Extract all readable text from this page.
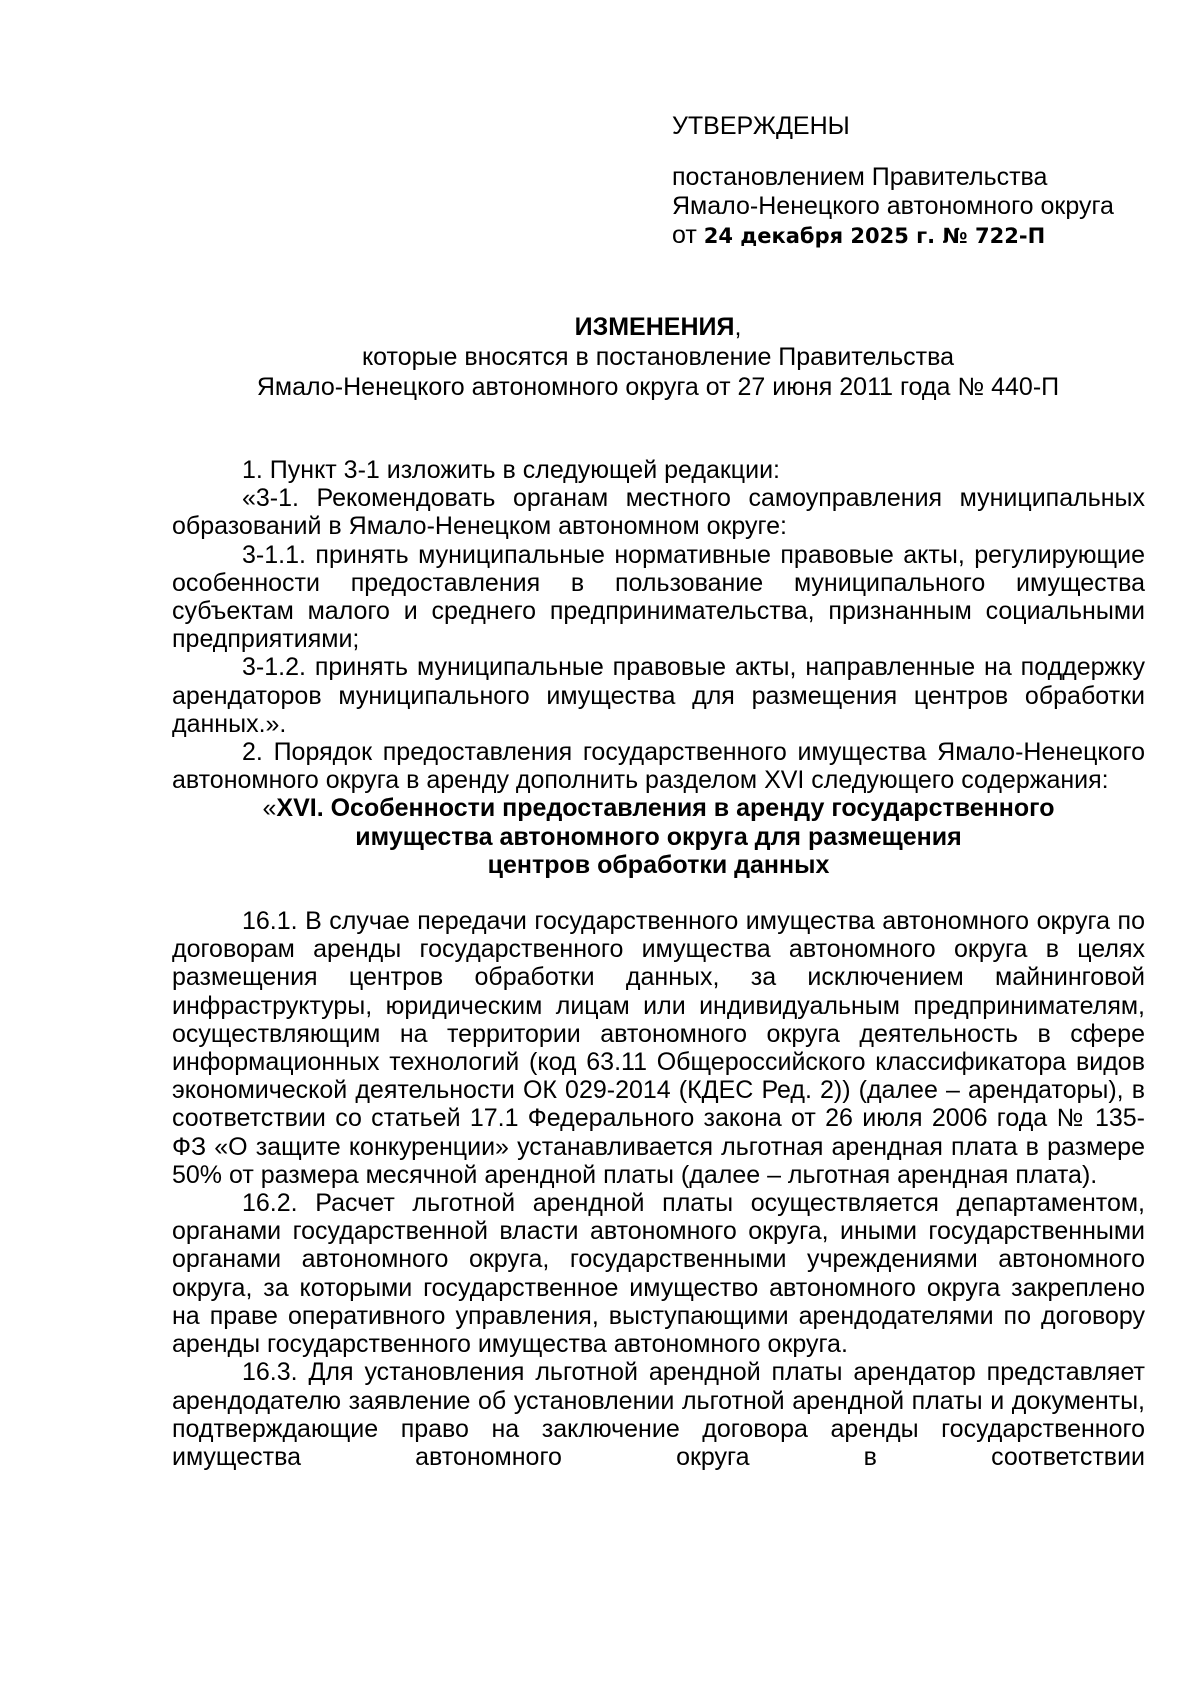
УТВЕРЖДЕНЫ

постановлением Правительства

Ямало-Ненецкого автономного округа

от 24 декабря 2025 г. № 722-П

ИЗМЕНЕНИЯ,

которые вносятся в постановление Правительства

Ямало-Ненецкого автономного округа от 27 июня 2011 года № 440-П

1. Пункт 3-1 изложить в следующей редакции:

«3-1. Рекомендовать органам местного самоуправления муниципальных образований в Ямало-Ненецком автономном округе:

3-1.1. принять муниципальные нормативные правовые акты, регулирующие особенности предоставления в пользование муниципального имущества субъектам малого и среднего предпринимательства, признанным социальными предприятиями;

3-1.2. принять муниципальные правовые акты, направленные на поддержку арендаторов муниципального имущества для размещения центров обработки данных.».

2. Порядок предоставления государственного имущества Ямало-Ненецкого автономного округа в аренду дополнить разделом XVI следующего содержания:

«XVI. Особенности предоставления в аренду государственного
имущества автономного округа для размещения
центров обработки данных

16.1. В случае передачи государственного имущества автономного округа по договорам аренды государственного имущества автономного округа в целях размещения центров обработки данных, за исключением майнинговой инфраструктуры, юридическим лицам или индивидуальным предпринимателям, осуществляющим на территории автономного округа деятельность в сфере информационных технологий (код 63.11 Общероссийского классификатора видов экономической деятельности ОК 029-2014 (КДЕС Ред. 2)) (далее – арендаторы), в соответствии со статьей 17.1 Федерального закона от 26 июля 2006 года № 135-ФЗ «О защите конкуренции» устанавливается льготная арендная плата в размере 50% от размера месячной арендной платы (далее – льготная арендная плата).

16.2. Расчет льготной арендной платы осуществляется департаментом, органами государственной власти автономного округа, иными государственными органами автономного округа, государственными учреждениями автономного округа, за которыми государственное имущество автономного округа закреплено на праве оперативного управления, выступающими арендодателями по договору аренды государственного имущества автономного округа.

16.3. Для установления льготной арендной платы арендатор представляет арендодателю заявление об установлении льготной арендной платы и документы, подтверждающие право на заключение договора аренды государственного имущества автономного округа в соответствии
